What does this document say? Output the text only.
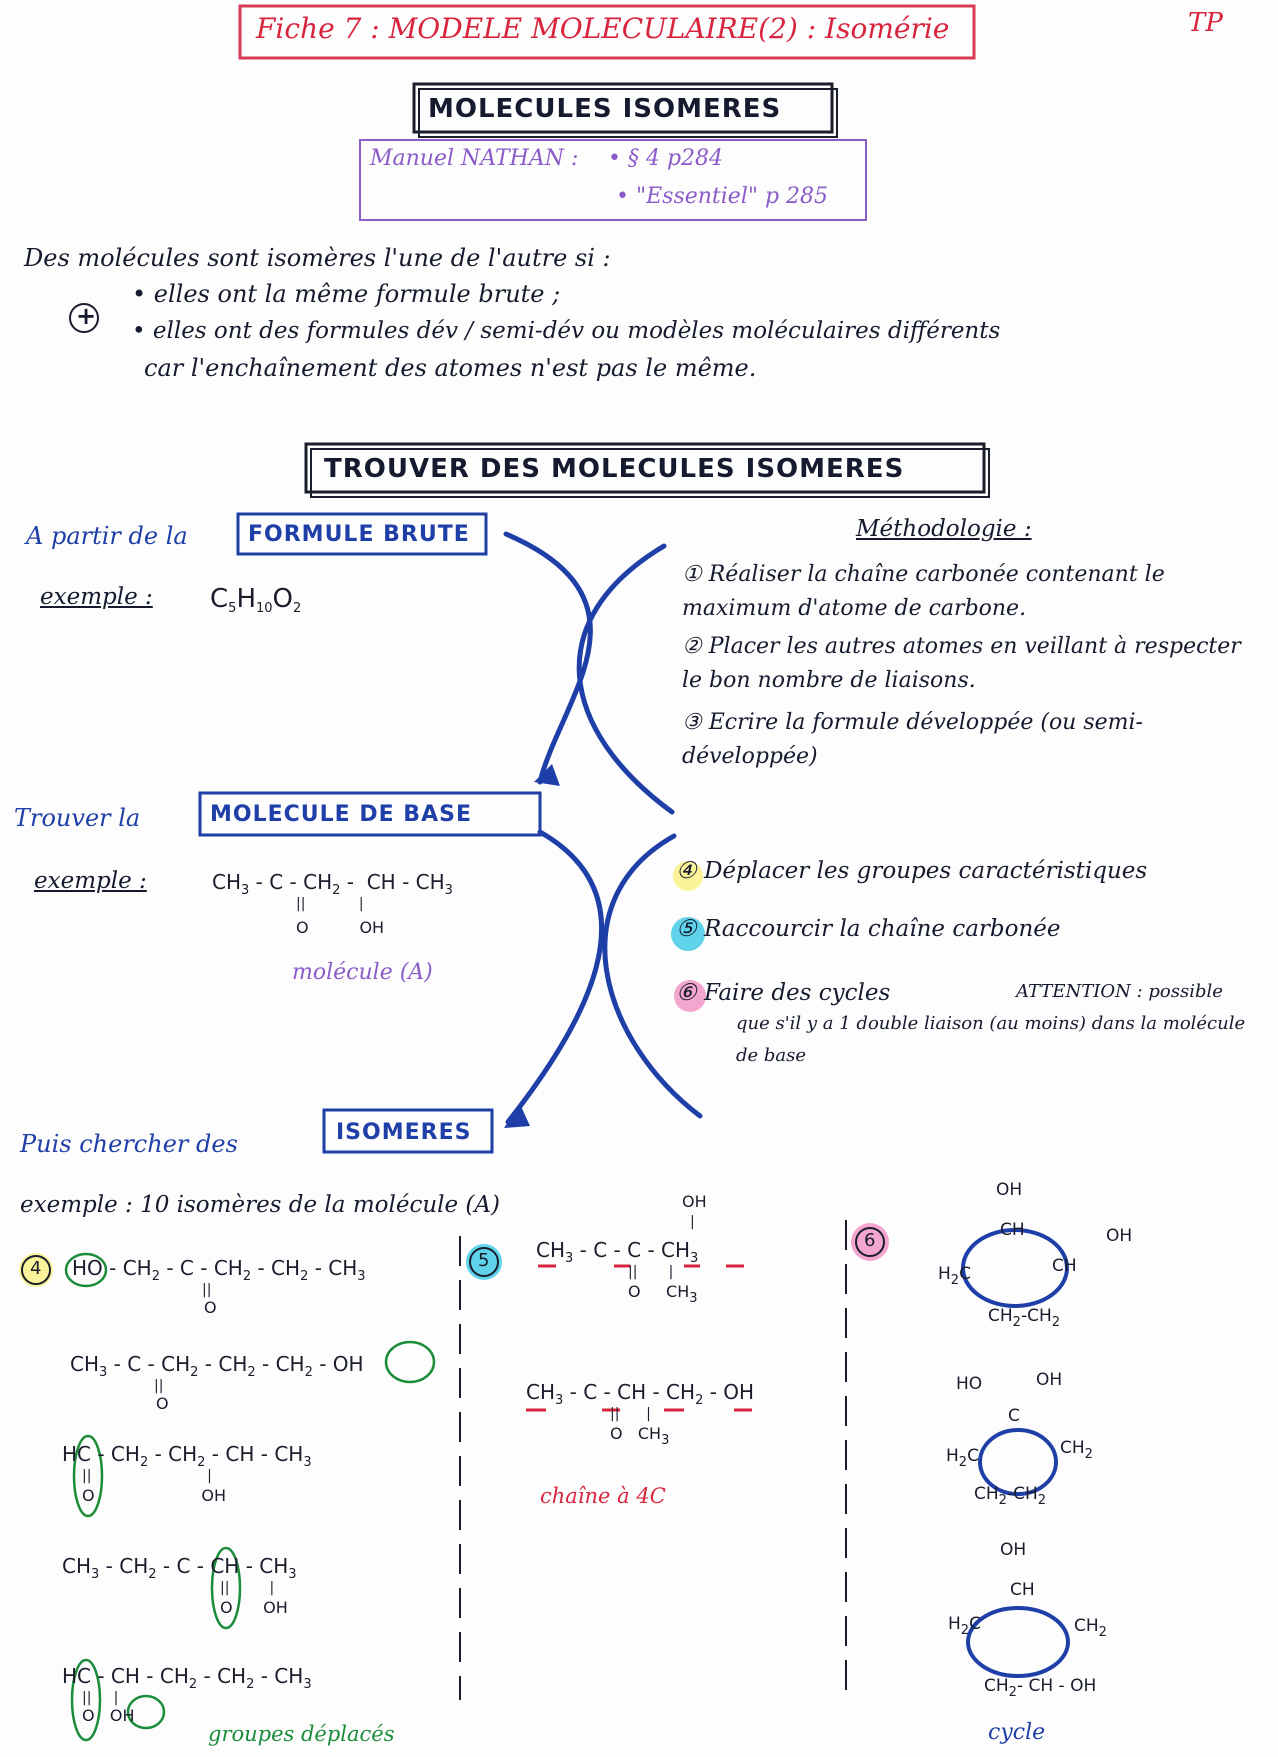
Fiche 7 : MODELE MOLECULAIRE(2) : Isomérie	TP
MOLECULES ISOMERES
Manuel NATHAN : • § 4 p284
• "Essentiel" p 285
Des molécules sont isomères l'une de l'autre si :
+
• elles ont la même formule brute ;
• elles ont des formules dév / semi-dév ou modèles moléculaires différents
car l'enchaînement des atomes n'est pas le même.
TROUVER DES MOLECULES ISOMERES
A partir de la	FORMULE BRUTE
exemple : $C_5H_{10}O_2$
Trouver la	MOLECULE DE BASE
exemple :	$CH_3$ - C - $CH_2$ -  CH - $CH_3$
||            |
O          OH
molécule (A)
Puis chercher des	ISOMERES
exemple : 10 isomères de la molécule (A)
Méthodologie :
① Réaliser la chaîne carbonée contenant le maximum d'atome de carbone.
② Placer les autres atomes en veillant à respecter le bon nombre de liaisons.
③ Ecrire la formule développée (ou semi-développée)
④ Déplacer les groupes caractéristiques
⑤ Raccourcir la chaîne carbonée
⑥ Faire des cycles	ATTENTION : possible que s'il y a 1 double liaison (au moins) dans la molécule de base
4 HO - $CH_2$ - C - $CH_2 - CH_2 - CH_3$
||
O
$CH_3$ - C - $CH_2 - CH_2 - CH_2$ - OH
||
O
HC - $CH_2 - CH_2$ - CH - $CH_3$
||                          |
O                     OH
$CH_3 - CH_2$ - C - CH - $CH_3$
||         |
O      OH
HC - CH - $CH_2 - CH_2 - CH_3$
||     |
O   OH
groupes déplacés
5
OH
|
$CH_3$ - C - C - $CH_3$
||       |
O     $CH_3$
$CH_3$ - C - CH - $CH_2$ - OH
||      |
O   $CH_3$
chaîne à 4C
6
OH
CH	OH
CH
$H_2C$
$CH_2-CH_2$
HO	OH
C
$H_2C$	$CH_2$
$CH_2-CH_2$
OH
CH
$H_2C$	$CH_2$
$CH_2-$ CH - OH
cycle
